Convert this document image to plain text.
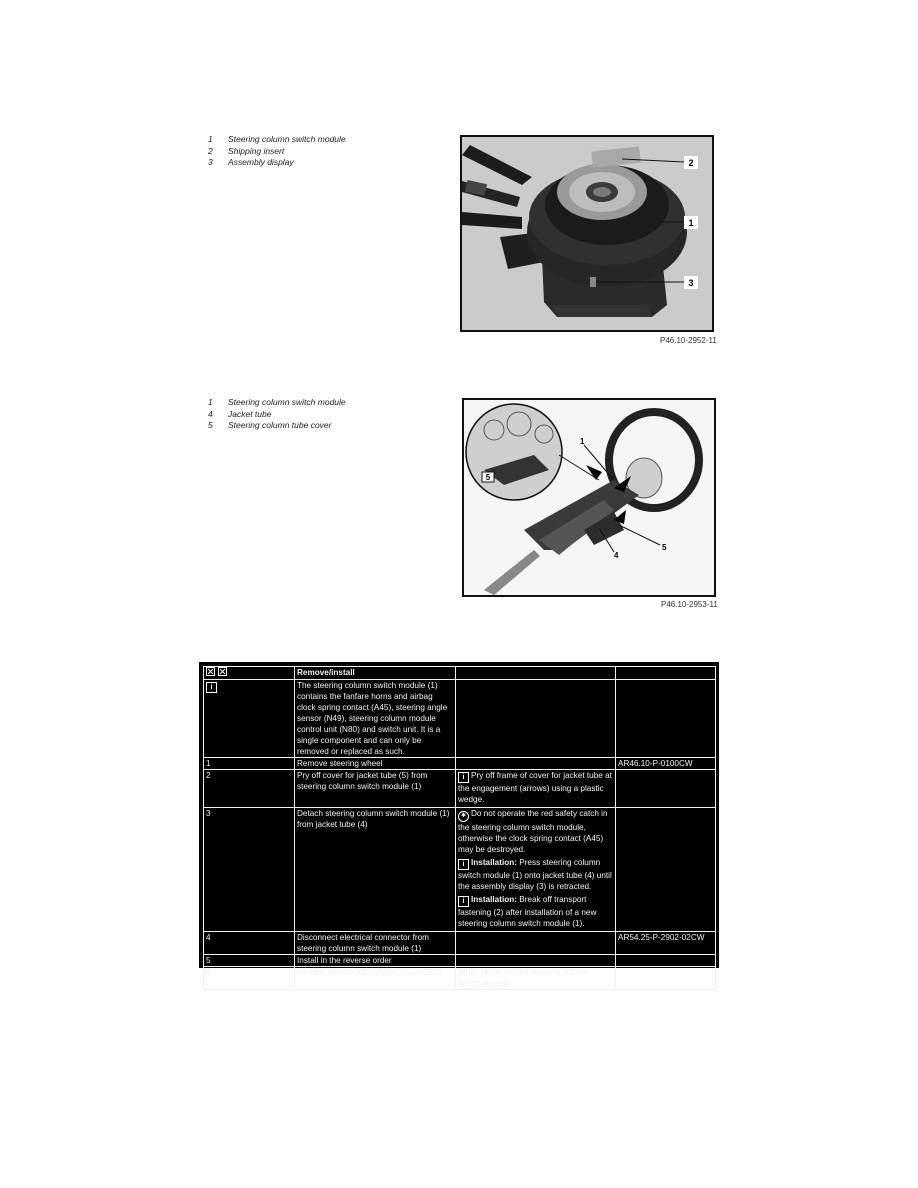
1	Steering column switch module
2	Shipping insert
3	Assembly display	2
1
3
P46.10-2952-11
1	Steering column switch module
4	Jacket tube
5	Steering column tube cover
5
1
5
4
P46.10-2953-11
	Remove/install		
i	The steering column switch module (1) contains the fanfare horns and airbag clock spring contact (A45), steering angle sensor (N49), steering column module control unit (N80) and switch unit. It is a single component and can only be removed or replaced as such.		
1	Remove steering wheel		AR46.10-P-0100CW
2	Pry off cover for jacket tube (5) from steering column switch module (1)	i Pry off frame of cover for jacket tube at the engagement (arrows) using a plastic wedge.	

3	Detach steering column switch module (1) from jacket tube (4)	✱ Do not operate the red safety catch in the steering column switch module, otherwise the clock spring contact (A45) may be destroyed.
i Installation: Press steering column switch module (1) onto jacket tube (4) until the assembly display (3) is retracted.
i Installation: Break off transport fastening (2) after installation of a new steering column switch module (1).	

4	Disconnect electrical connector from steering column switch module (1)		AR54.25-P-2902-02CW
5	Install in the reverse order		
6	Perform startup with STAR DIAGNOSIS.	When replacing the steering column switch module	
